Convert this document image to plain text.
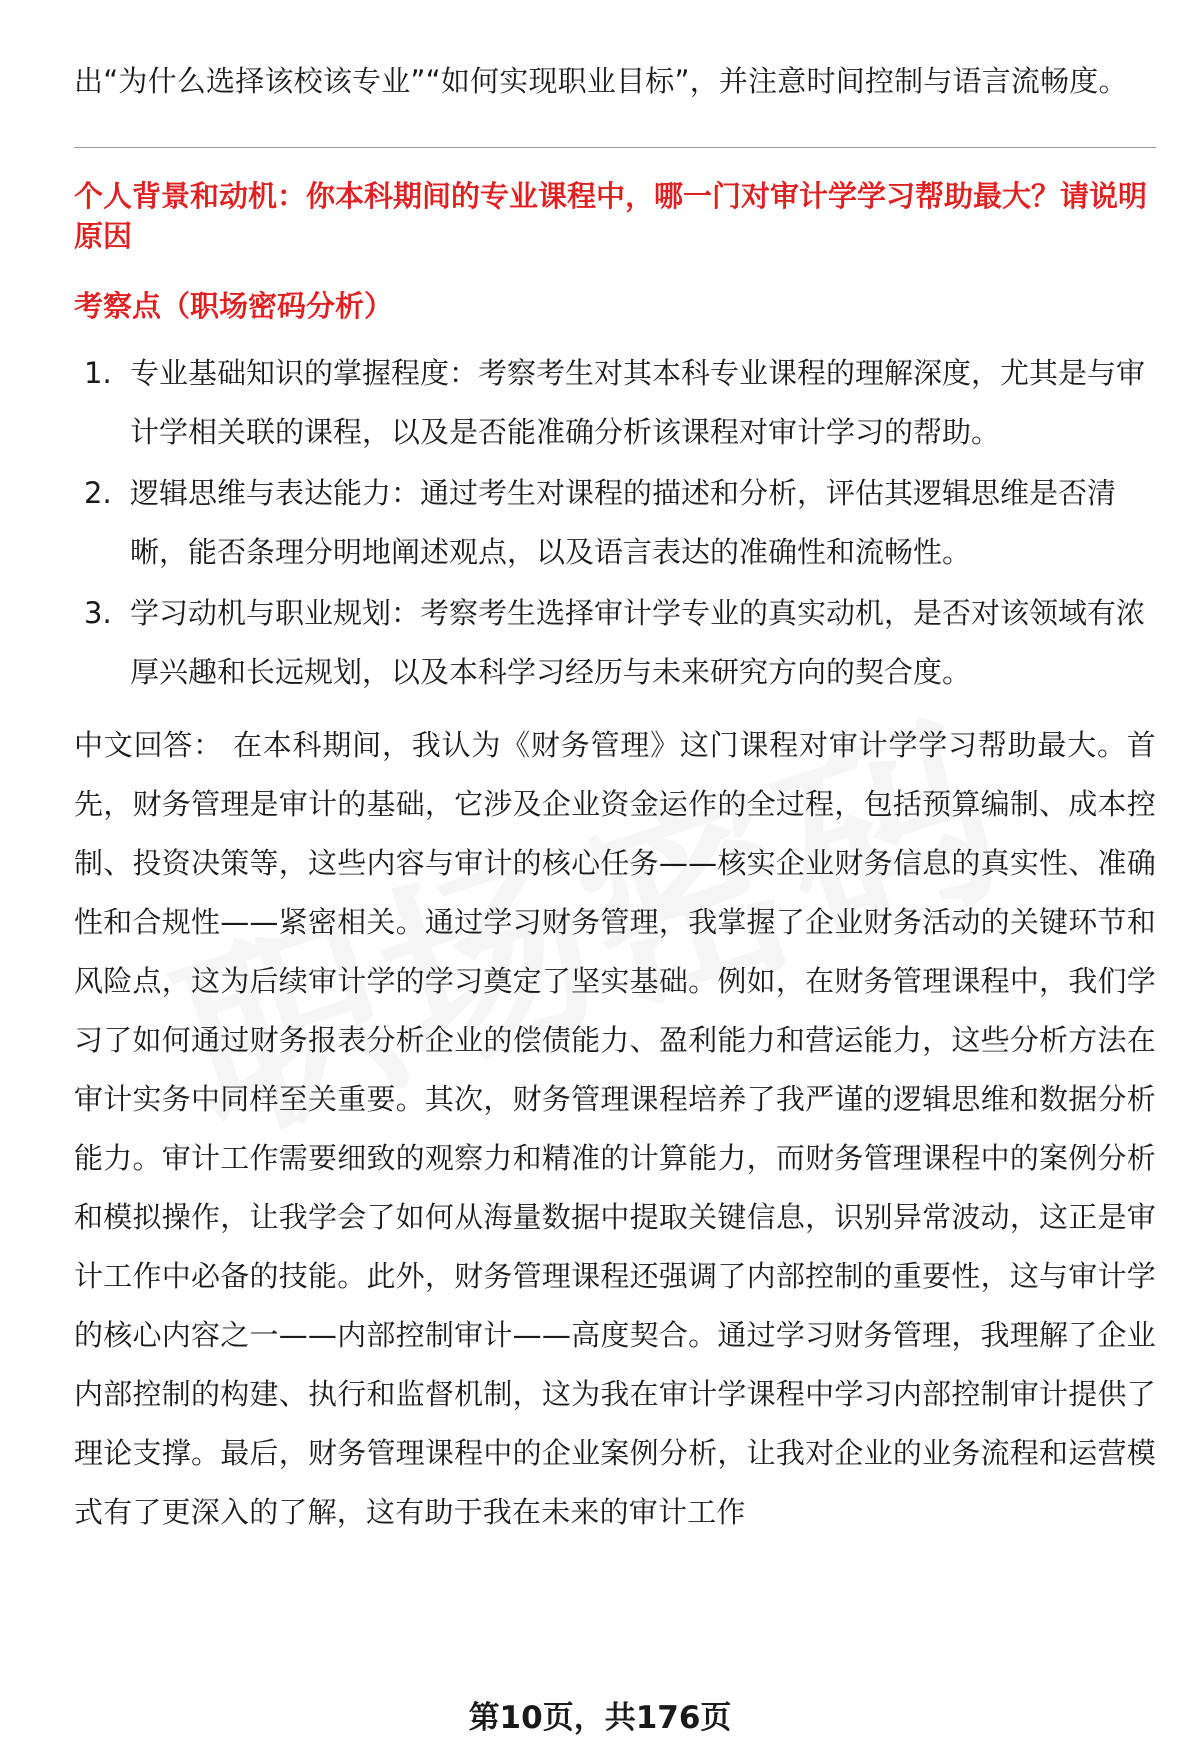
出“为什么选择该校该专业”“如何实现职业目标”，并注意时间控制与语言流畅度。

个人背景和动机：你本科期间的专业课程中，哪一门对审计学学习帮助最大？请说明原因
考察点（职场密码分析）
1. 专业基础知识的掌握程度：考察考生对其本科专业课程的理解深度，尤其是与审计学相关联的课程，以及是否能准确分析该课程对审计学习的帮助。
2. 逻辑思维与表达能力：通过考生对课程的描述和分析，评估其逻辑思维是否清晰，能否条理分明地阐述观点，以及语言表达的准确性和流畅性。
3. 学习动机与职业规划：考察考生选择审计学专业的真实动机，是否对该领域有浓厚兴趣和长远规划，以及本科学习经历与未来研究方向的契合度。

中文回答： 在本科期间，我认为《财务管理》这门课程对审计学学习帮助最大。首先，财务管理是审计的基础，它涉及企业资金运作的全过程，包括预算编制、成本控制、投资决策等，这些内容与审计的核心任务——核实企业财务信息的真实性、准确性和合规性——紧密相关。通过学习财务管理，我掌握了企业财务活动的关键环节和风险点，这为后续审计学的学习奠定了坚实基础。例如，在财务管理课程中，我们学习了如何通过财务报表分析企业的偿债能力、盈利能力和营运能力，这些分析方法在审计实务中同样至关重要。其次，财务管理课程培养了我严谨的逻辑思维和数据分析能力。审计工作需要细致的观察力和精准的计算能力，而财务管理课程中的案例分析和模拟操作，让我学会了如何从海量数据中提取关键信息，识别异常波动，这正是审计工作中必备的技能。此外，财务管理课程还强调了内部控制的重要性，这与审计学的核心内容之一——内部控制审计——高度契合。通过学习财务管理，我理解了企业内部控制的构建、执行和监督机制，这为我在审计学课程中学习内部控制审计提供了理论支撑。最后，财务管理课程中的企业案例分析，让我对企业的业务流程和运营模式有了更深入的了解，这有助于我在未来的审计工作

第10页，共176页
